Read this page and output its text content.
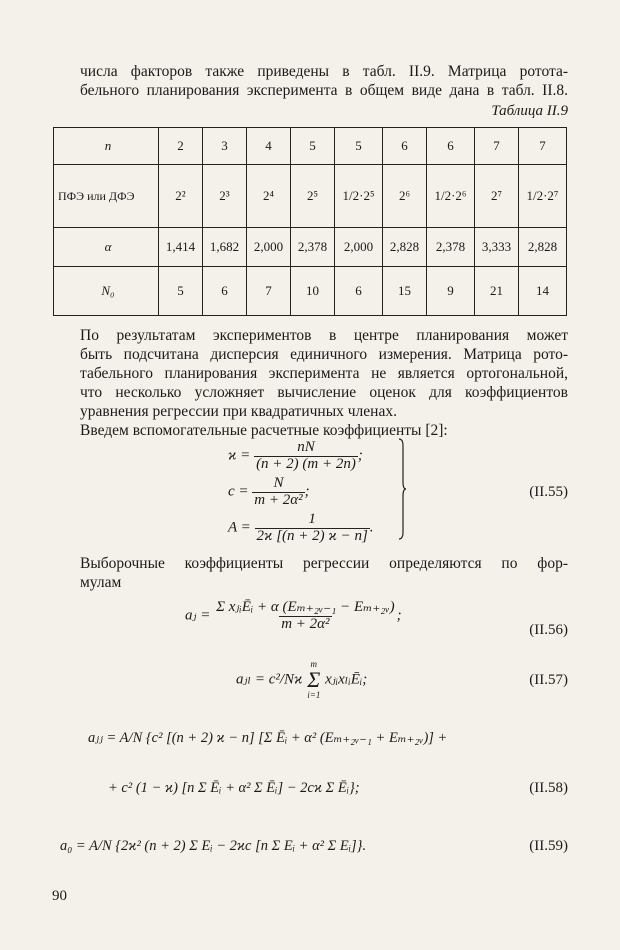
числа факторов также приведены в табл. II.9. Матрица ротота-
бельного планирования эксперимента в общем виде дана в табл. II.8.
Таблица II.9
n	2	3	4	5	5	6	6	7	7
ПФЭ или ДФЭ	2²	2³	2⁴	2⁵	1/2·2⁵	2⁶	1/2·2⁶	2⁷	1/2·2⁷
α	1,414	1,682	2,000	2,378	2,000	2,828	2,378	3,333	2,828
N₀	5	6	7	10	6	15	9	21	14
По результатам экспериментов в центре планирования может
быть подсчитана дисперсия единичного измерения. Матрица рото-
табельного планирования эксперимента не является ортогональной,
что несколько усложняет вычисление оценок для коэффициентов
уравнения регрессии при квадратичных членах.
Введем вспомогательные расчетные коэффициенты [2]:
$ϰ = \frac{nN}{(n + 2) (m + 2n)}$ ;
$c = \frac{N}{\text{m + 2α²}}$ ;
$A = \frac{1}{2ϰ [(n + 2) ϰ - n]}$ .
(II.55)
Выборочные коэффициенты регрессии определяются по фор-
мулам
aⱼ = $\frac{\text{Σ xⱼᵢĒᵢ + α (Eₘ₊₂ᵥ₋₁ − Eₘ₊₂ᵥ)}}{\text{m + 2α²}}$ ;
(II.56)
aⱼₗ = c²/Nϰ
m
Σ
i=1
xⱼᵢxₗᵢĒᵢ;	(II.57)
aⱼⱼ = A/N {c² [(n + 2) ϰ − n] [Σ Ēᵢ + α² (Eₘ₊₂ᵥ₋₁ + Eₘ₊₂ᵥ)] +
+ c² (1 − ϰ) [n Σ Ēᵢ + α² Σ Ēᵢ] − 2cϰ Σ Ēᵢ};	(II.58)
a₀ = A/N {2ϰ² (n + 2) Σ Eᵢ − 2ϰc [n Σ Eᵢ + α² Σ Eᵢ]}.	(II.59)
90
